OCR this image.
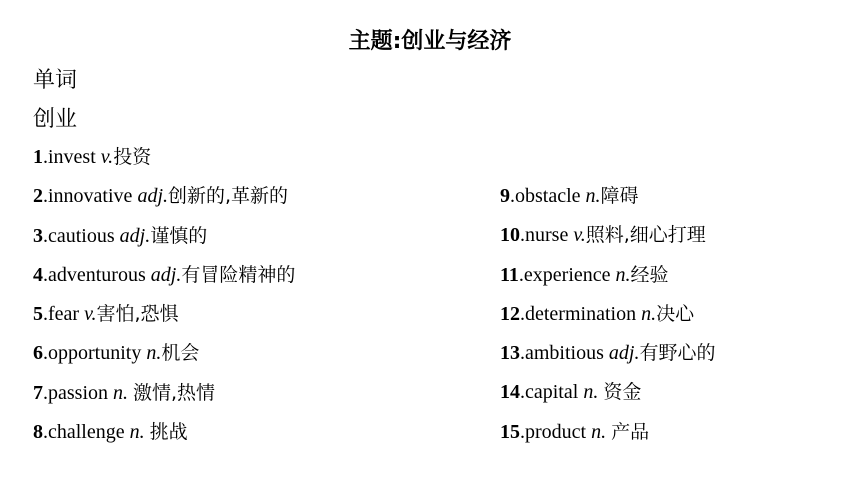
主题:创业与经济
单词
创业
1.invest v.投资
2.innovative adj.创新的,革新的
3.cautious adj.谨慎的
4.adventurous adj.有冒险精神的
5.fear v.害怕,恐惧
6.opportunity n.机会
7.passion n. 激情,热情
8.challenge n. 挑战
9.obstacle n.障碍
10.nurse v.照料,细心打理
11.experience n.经验
12.determination n.决心
13.ambitious adj.有野心的
14.capital n. 资金
15.product n. 产品
